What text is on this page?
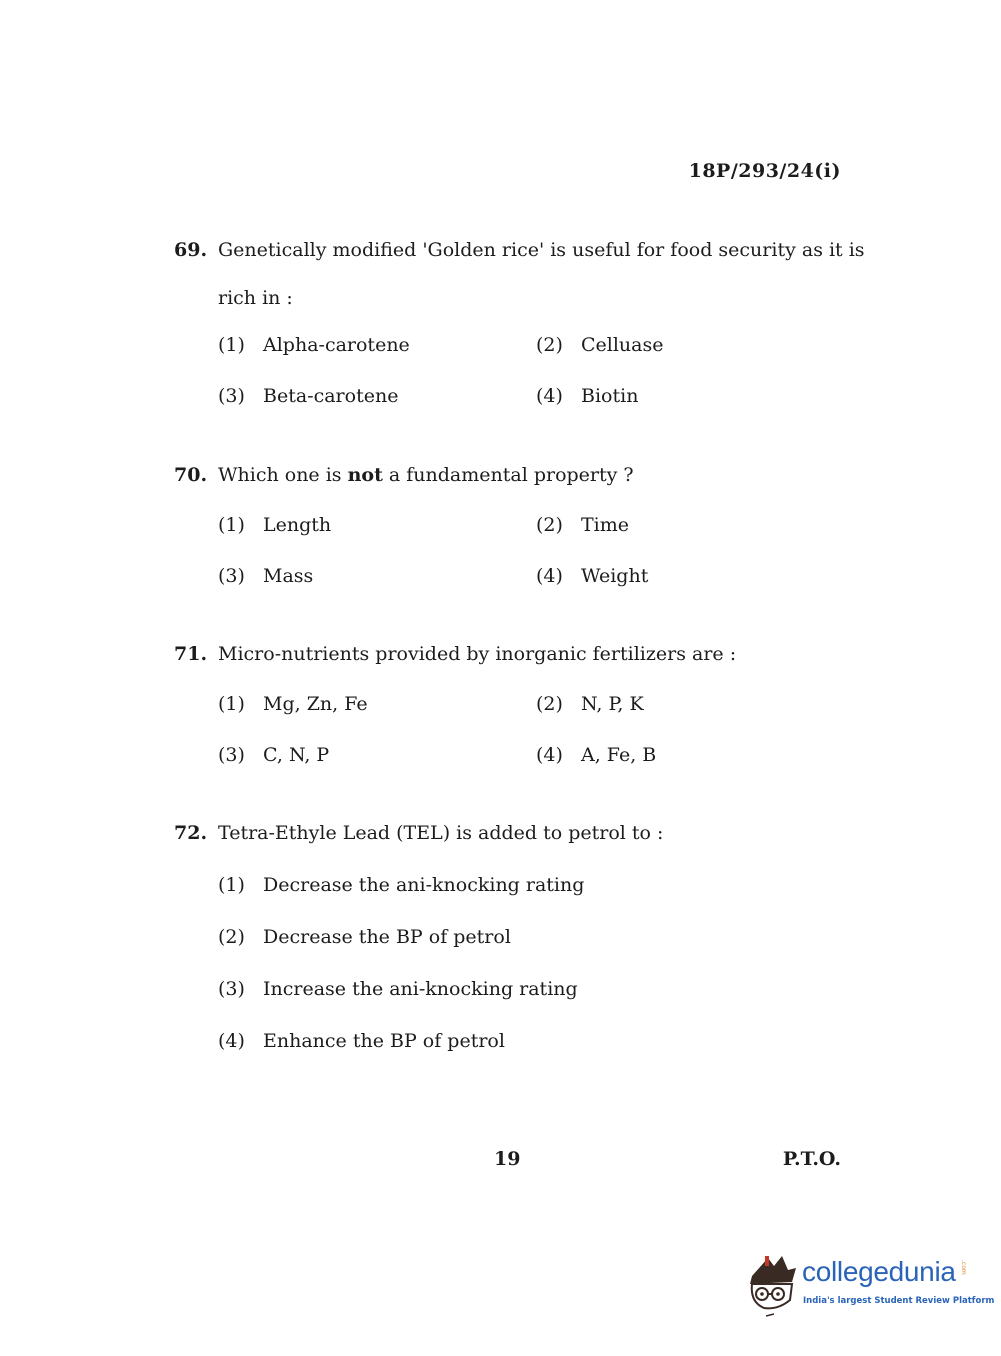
18P/293/24(i)
69. Genetically modified 'Golden rice' is useful for food security as it is
rich in :
(1) Alpha-carotene	(2) Celluase
(3) Beta-carotene	(4) Biotin
70. Which one is not a fundamental property ?
(1) Length	(2) Time
(3) Mass	(4) Weight
71. Micro-nutrients provided by inorganic fertilizers are :
(1) Mg, Zn, Fe	(2) N, P, K
(3) C, N, P	(4) A, Fe, B
72. Tetra-Ethyle Lead (TEL) is added to petrol to :
(1) Decrease the ani-knocking rating
(2) Decrease the BP of petrol
(3) Increase the ani-knocking rating
(4) Enhance the BP of petrol
19	P.T.O.
collegedunia .com
India's largest Student Review Platform
